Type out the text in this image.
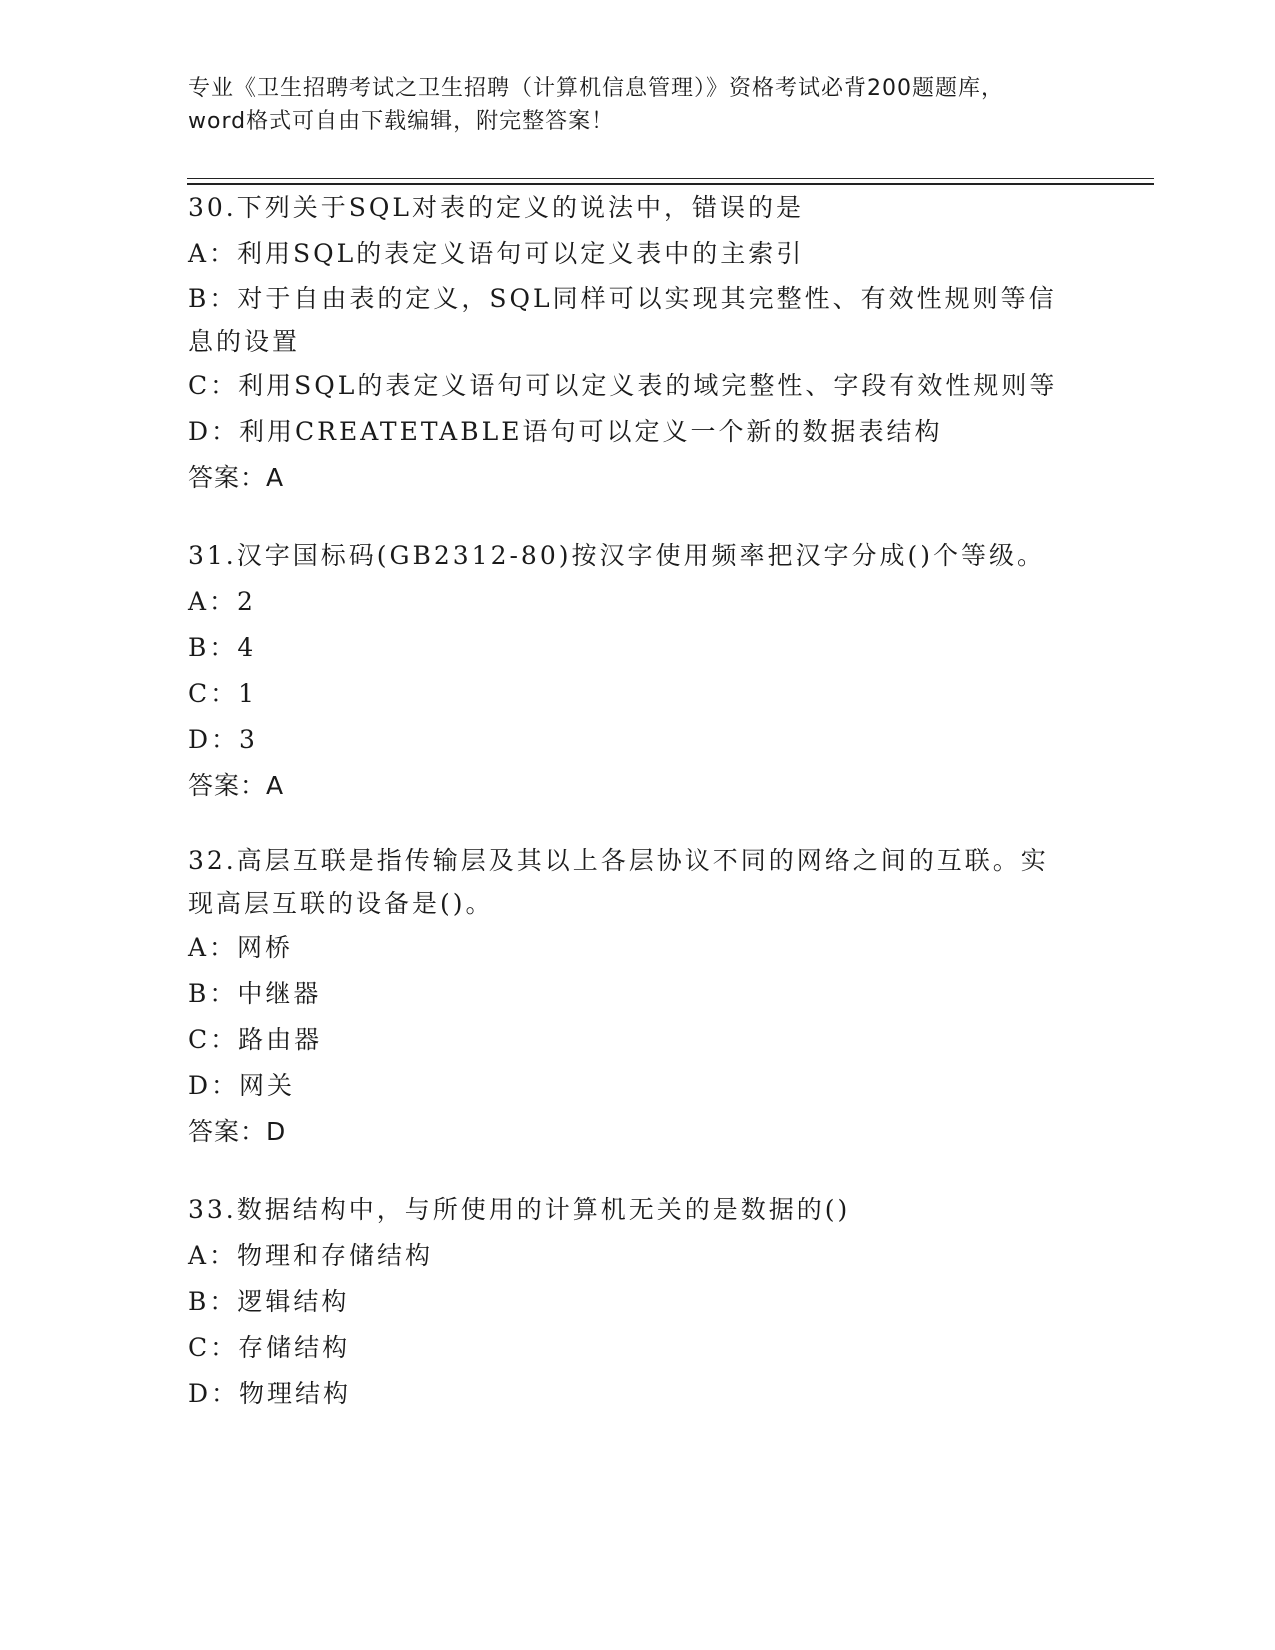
专业《卫生招聘考试之卫生招聘（计算机信息管理）》资格考试必背200题题库，

word格式可自由下载编辑，附完整答案！

30.下列关于SQL对表的定义的说法中，错误的是

A：利用SQL的表定义语句可以定义表中的主索引

B：对于自由表的定义，SQL同样可以实现其完整性、有效性规则等信

息的设置

C：利用SQL的表定义语句可以定义表的域完整性、字段有效性规则等

D：利用CREATETABLE语句可以定义一个新的数据表结构

答案：A

31.汉字国标码(GB2312-80)按汉字使用频率把汉字分成()个等级。

A：2

B：4

C：1

D：3

答案：A

32.高层互联是指传输层及其以上各层协议不同的网络之间的互联。实

现高层互联的设备是()。

A：网桥

B：中继器

C：路由器

D：网关

答案：D

33.数据结构中，与所使用的计算机无关的是数据的()

A：物理和存储结构

B：逻辑结构

C：存储结构

D：物理结构
